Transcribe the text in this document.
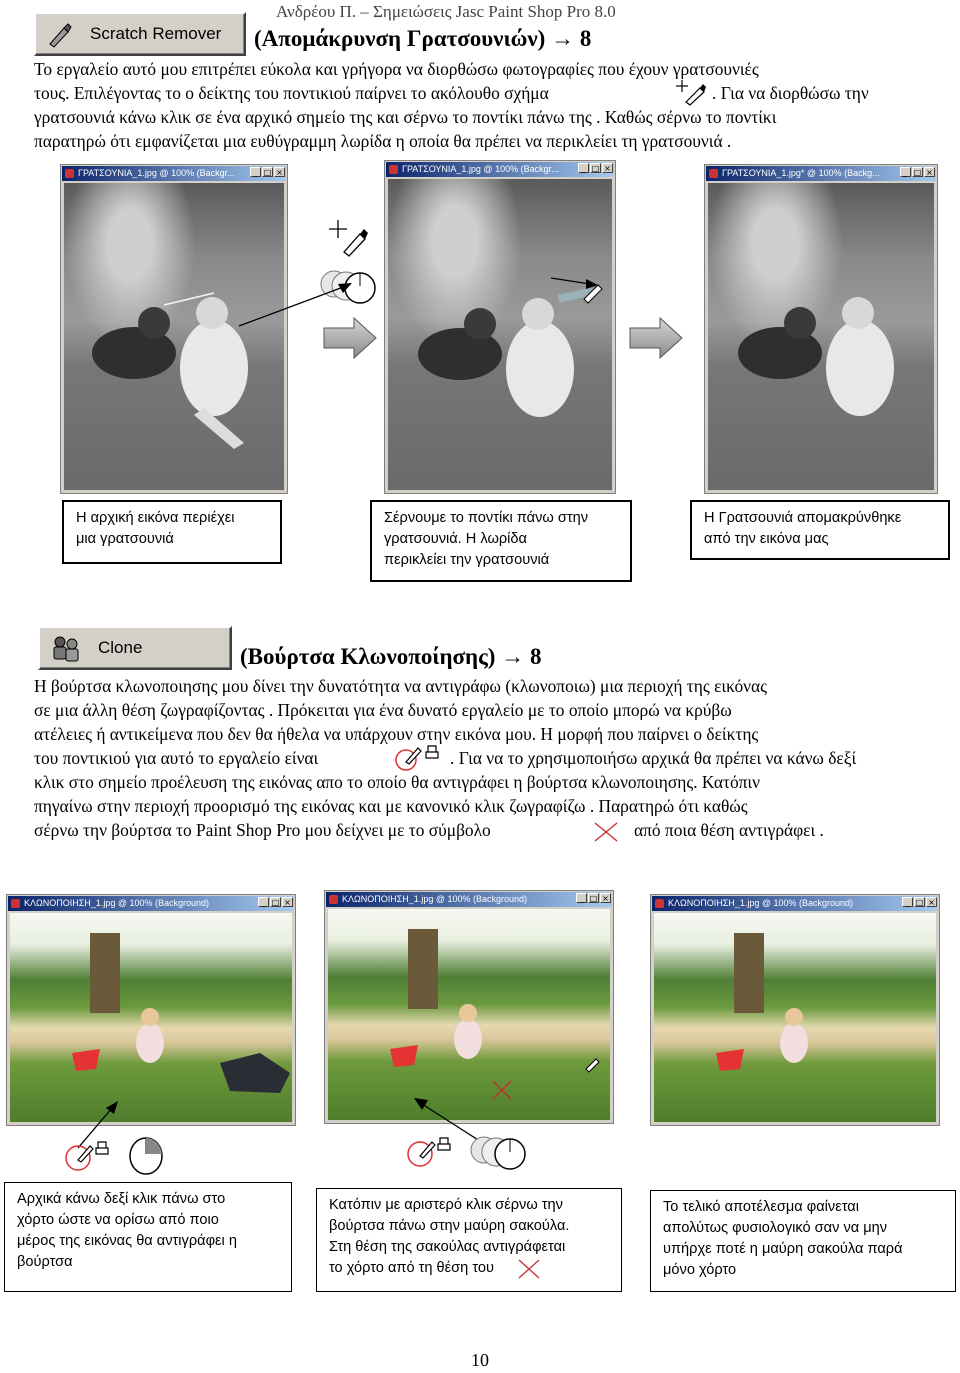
Ανδρέου Π. – Σημειώσεις Jasc Paint Shop Pro 8.0
Scratch Remover (Απομάκρυνση Γρατσουνιών) → 8
Το εργαλείο αυτό μου επιτρέπει εύκολα και γρήγορα να διορθώσω φωτογραφίες που έχουν γρατσουνιές
τους. Επιλέγοντας το ο δείκτης του ποντικιού παίρνει το ακόλουθο σχήμα	. Για να διορθώσω την
γρατσουνιά κάνω κλικ σε ένα αρχικό σημείο της και σέρνω το ποντίκι πάνω της . Καθώς σέρνω το ποντίκι
παρατηρώ ότι εμφανίζεται μια ευθύγραμμη λωρίδα η οποία θα πρέπει να περικλείει τη γρατσουνιά .
ΓΡΑΤΣΟΥΝΙΑ_1.jpg @ 100% (Backgr...	_ □ ×	ΓΡΑΤΣΟΥΝΙΑ_1.jpg @ 100% (Backgr...	_ □ ×	ΓΡΑΤΣΟΥΝΙΑ_1.jpg* @ 100% (Backg...	_ □ ×
Η αρχική εικόνα περιέχει
μια γρατσουνιά
Σέρνουμε το ποντίκι πάνω στην
γρατσουνιά. Η λωρίδα
περικλείει την γρατσουνιά
Η Γρατσουνιά απομακρύνθηκε
από την εικόνα μας
Clone	(Βούρτσα Κλωνοποίησης) → 8
Η βούρτσα κλωνοποιησης μου δίνει την δυνατότητα να αντιγράφω (κλωνοποιω) μια περιοχή της εικόνας
σε μια άλλη θέση ζωγραφίζοντας . Πρόκειται για ένα δυνατό εργαλείο με το οποίο μπορώ να κρύβω
ατέλειες ή αντικείμενα που δεν θα ήθελα να υπάρχουν στην εικόνα μου. Η μορφή που παίρνει ο δείκτης
του ποντικιού για αυτό το εργαλείο είναι	. Για να το χρησιμοποιήσω αρχικά θα πρέπει να κάνω δεξί
κλικ στο σημείο προέλευση της εικόνας απο το οποίο θα αντιγράφει η βούρτσα κλωνοποιησης. Κατόπιν
πηγαίνω στην περιοχή προορισμό της εικόνας και με κανονικό κλικ ζωγραφίζω . Παρατηρώ ότι καθώς
σέρνω την βούρτσα το Paint Shop Pro μου δείχνει με το σύμβολο	από ποια θέση αντιγράφει .
ΚΛΩΝΟΠΟΙΗΣΗ_1.jpg @ 100% (Background)	_ □ ×	ΚΛΩΝΟΠΟΙΗΣΗ_1.jpg @ 100% (Background)	_ □ ×	ΚΛΩΝΟΠΟΙΗΣΗ_1.jpg @ 100% (Background)	_ □ ×
Αρχικά κάνω δεξί κλικ πάνω στο
χόρτο ώστε να ορίσω από ποιο
μέρος της εικόνας θα αντιγράφει η
βούρτσα
Κατόπιν με αριστερό κλικ σέρνω την
βούρτσα πάνω στην μαύρη σακούλα.
Στη θέση της σακούλας αντιγράφεται
το χόρτο από τη θέση του
Το τελικό αποτέλεσμα φαίνεται
απολύτως φυσιολογικό σαν να μην
υπήρχε ποτέ η μαύρη σακούλα παρά
μόνο χόρτο
10
